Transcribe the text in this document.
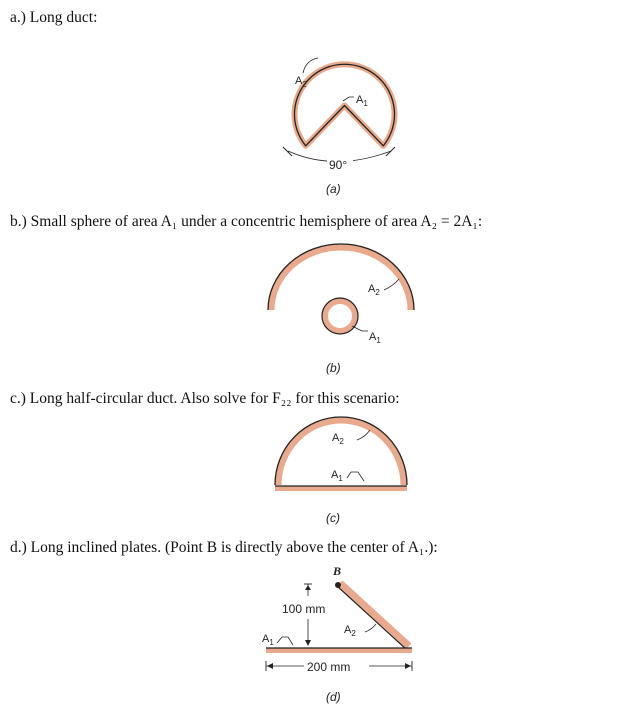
a.) Long duct:
$A_2$
$A_1$
90°
(a)
b.) Small sphere of area A₁ under a concentric hemisphere of area A₂ = 2A₁:
$A_2$
$A_1$
(b)
c.) Long half-circular duct. Also solve for F₂₂ for this scenario:
$A_2$
$A_1$
(c)
d.) Long inclined plates. (Point B is directly above the center of A₁.):
B
100 mm
$A_1$
$A_2$
200 mm
(d)
